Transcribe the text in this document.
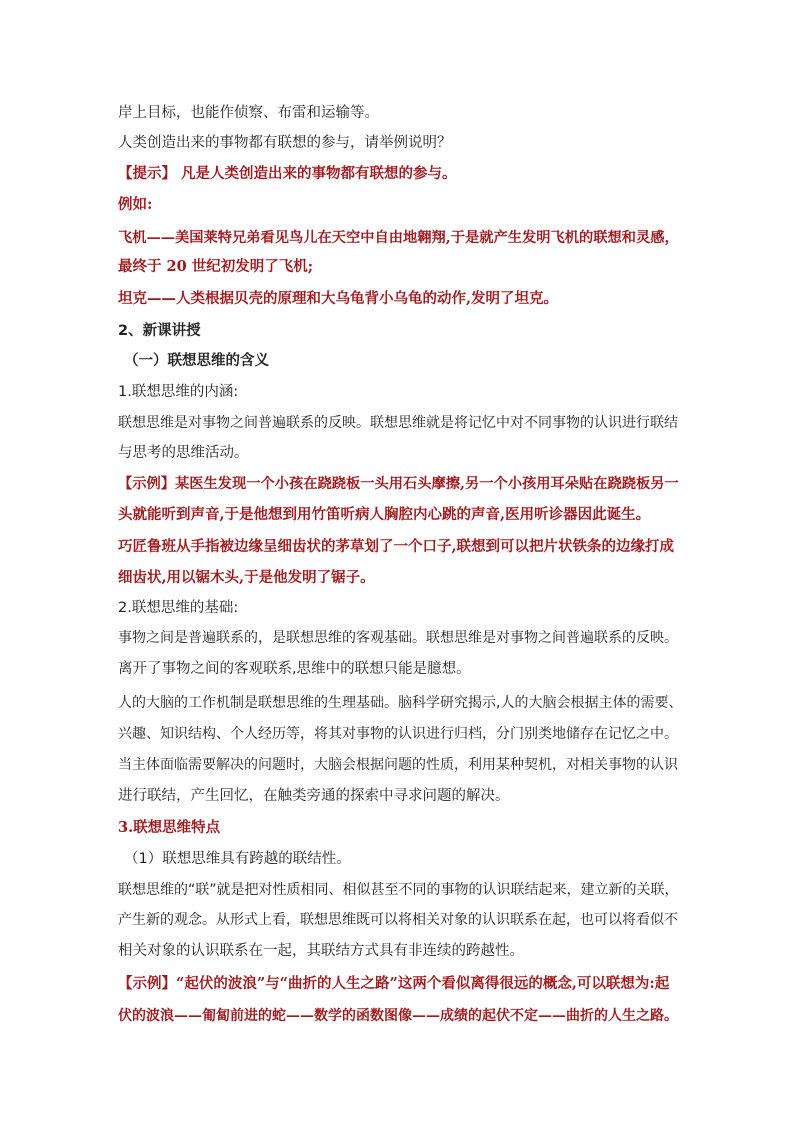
岸上目标，也能作侦察、布雷和运输等。
人类创造出来的事物都有联想的参与，请举例说明？
【提示】 凡是人类创造出来的事物都有联想的参与。
例如:
飞机——美国莱特兄弟看见鸟儿在天空中自由地翱翔,于是就产生发明飞机的联想和灵感，
最终于 20 世纪初发明了飞机;
坦克——人类根据贝壳的原理和大乌龟背小乌龟的动作,发明了坦克。
2、新课讲授
（一）联想思维的含义
1.联想思维的内涵:
联想思维是对事物之间普遍联系的反映。联想思维就是将记忆中对不同事物的认识进行联结
与思考的思维活动。
【示例】某医生发现一个小孩在跷跷板一头用石头摩擦,另一个小孩用耳朵贴在跷跷板另一
头就能听到声音,于是他想到用竹笛听病人胸腔内心跳的声音,医用听诊器因此诞生。
巧匠鲁班从手指被边缘呈细齿状的茅草划了一个口子,联想到可以把片状铁条的边缘打成
细齿状,用以锯木头,于是他发明了锯子。
2.联想思维的基础:
事物之间是普遍联系的，是联想思维的客观基础。联想思维是对事物之间普遍联系的反映。
离开了事物之间的客观联系,思维中的联想只能是臆想。
人的大脑的工作机制是联想思维的生理基础。脑科学研究揭示,人的大脑会根据主体的需要、
兴趣、知识结构、个人经历等，将其对事物的认识进行归档，分门别类地储存在记忆之中。
当主体面临需要解决的问题时，大脑会根据问题的性质，利用某种契机，对相关事物的认识
进行联结，产生回忆，在触类旁通的探索中寻求问题的解决。
3.联想思维特点
（1）联想思维具有跨越的联结性。
联想思维的“联”就是把对性质相同、相似甚至不同的事物的认识联结起来，建立新的关联，
产生新的观念。从形式上看，联想思维既可以将相关对象的认识联系在起，也可以将看似不
相关对象的认识联系在一起，其联结方式具有非连续的跨越性。
【示例】“起伏的波浪”与“曲折的人生之路”这两个看似离得很远的概念,可以联想为:起
伏的波浪——匍匐前进的蛇——数学的函数图像——成绩的起伏不定——曲折的人生之路。
